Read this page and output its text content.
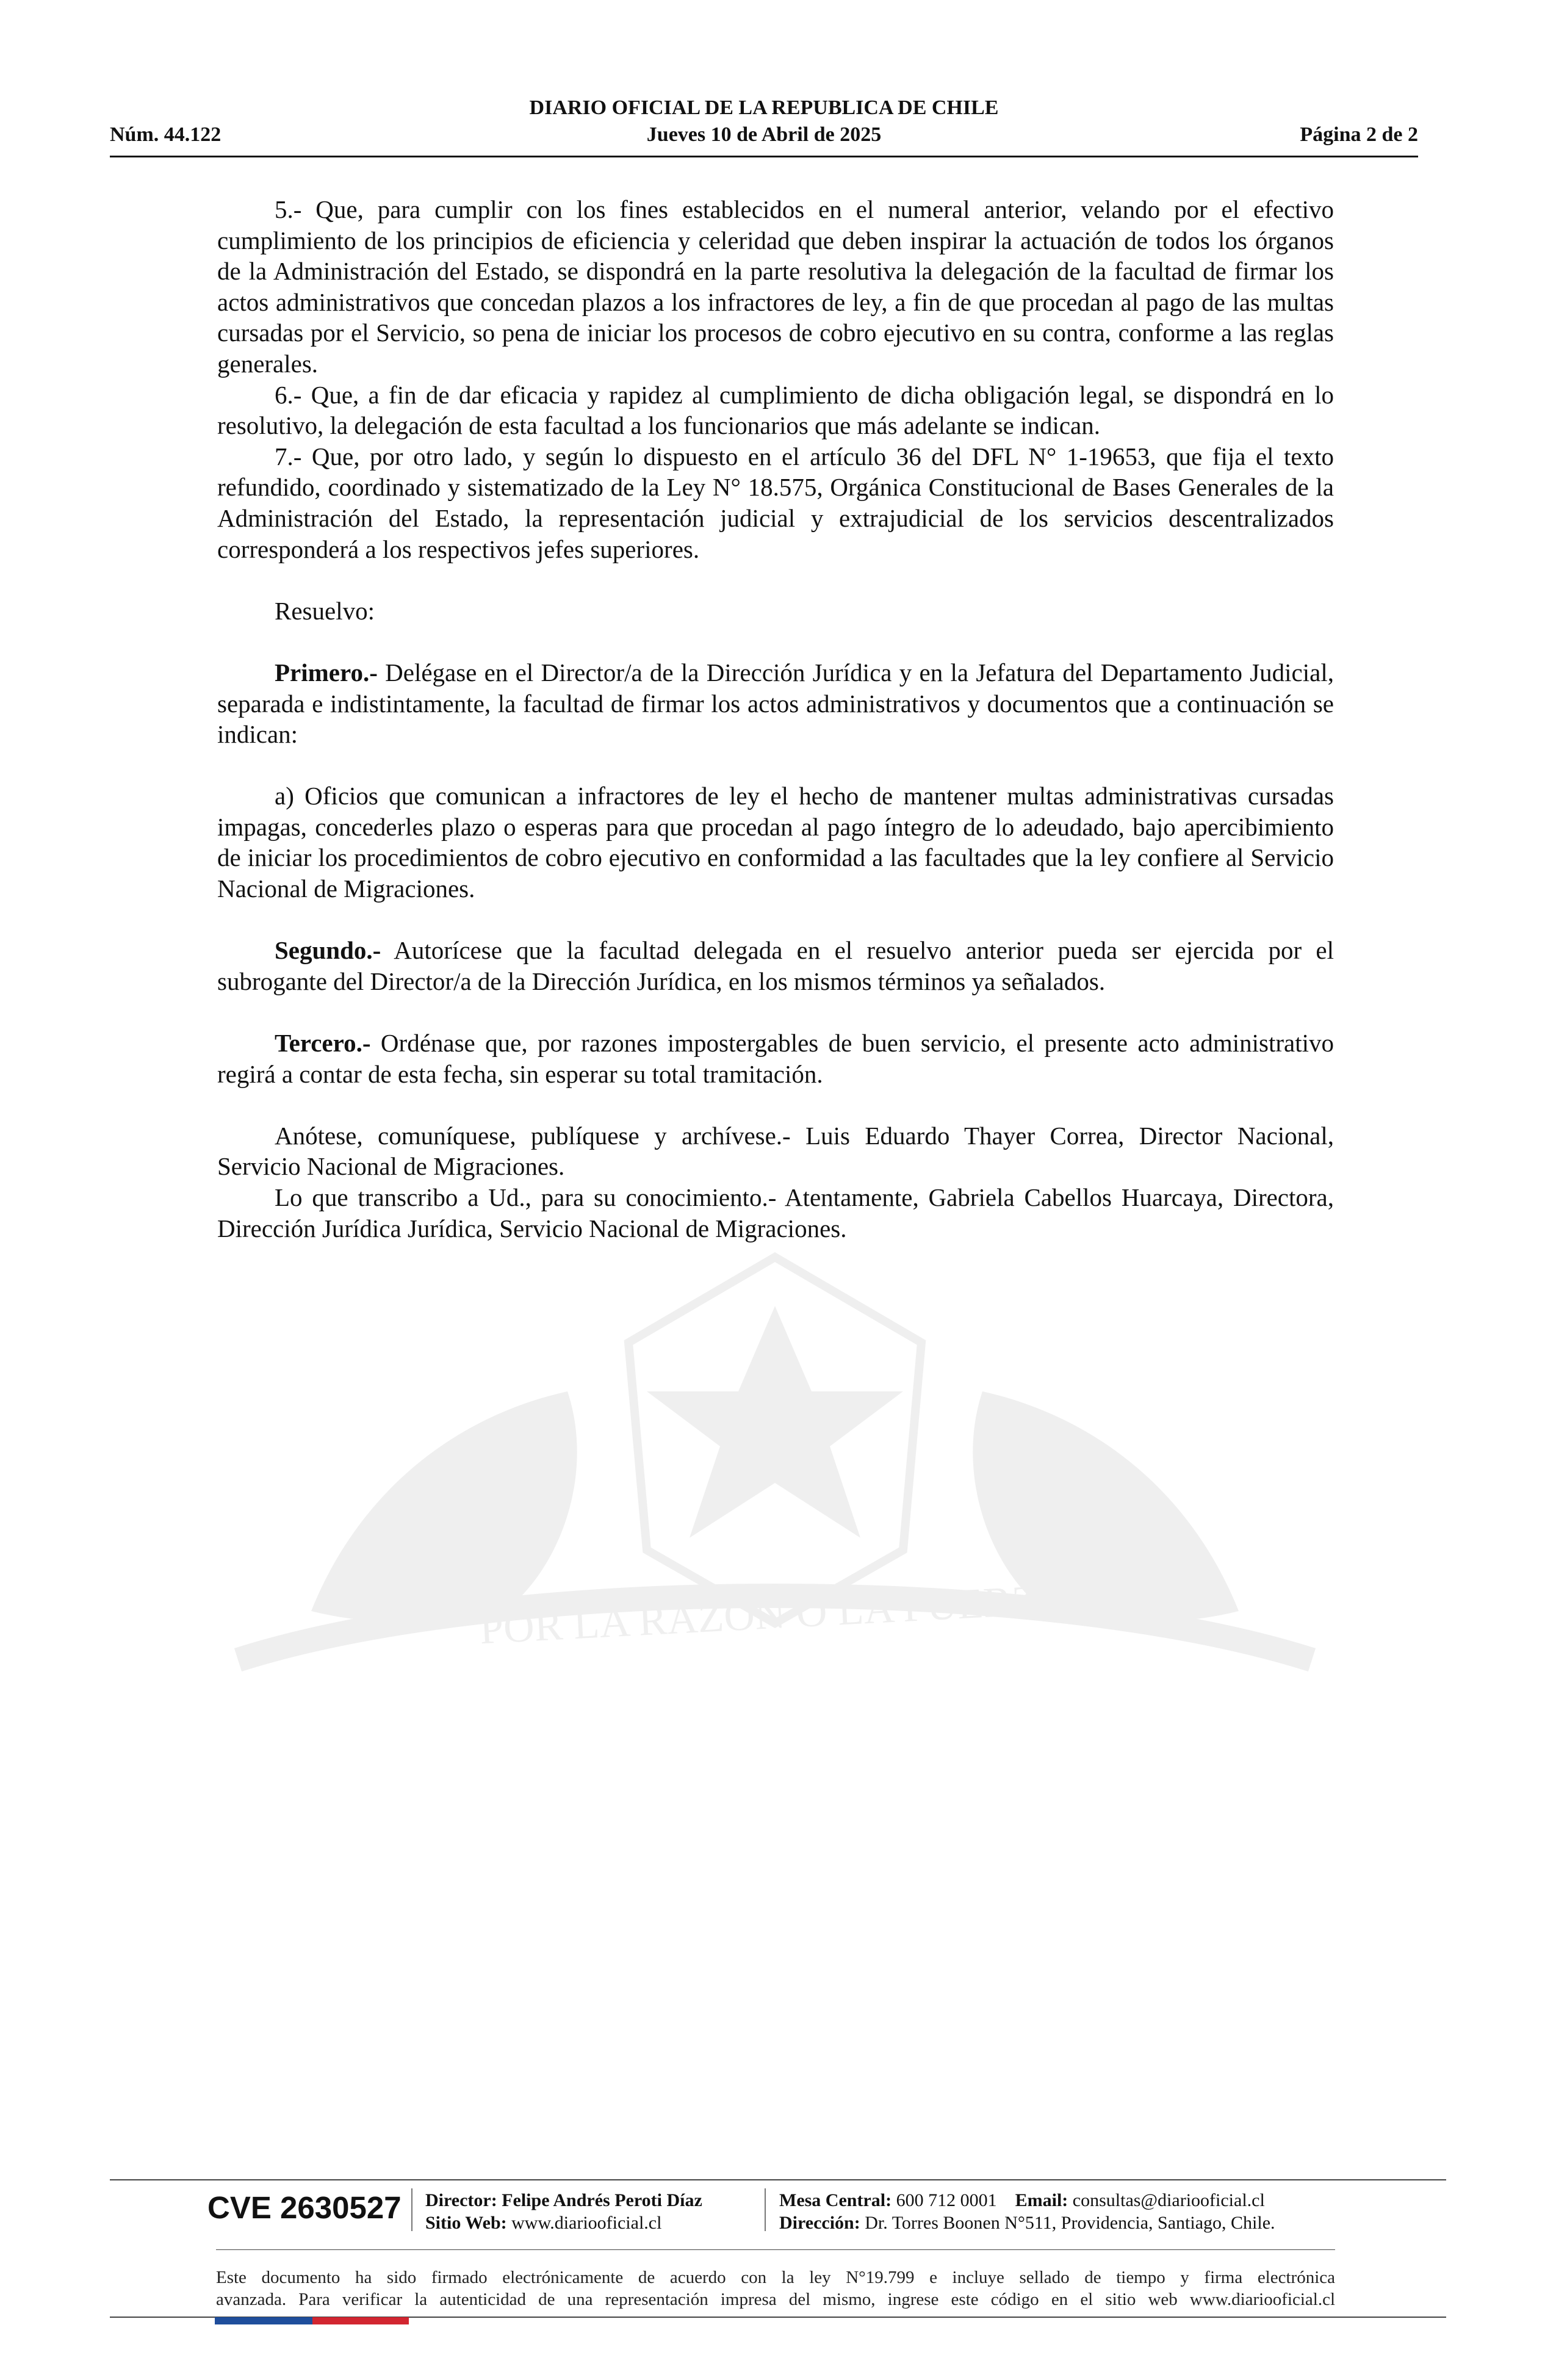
POR LA RAZON O LA FUERZA
DIARIO OFICIAL DE LA REPUBLICA DE CHILE
Núm. 44.122	Jueves 10 de Abril de 2025	Página 2 de 2

5.- Que, para cumplir con los fines establecidos en el numeral anterior, velando por el efectivo cumplimiento de los principios de eficiencia y celeridad que deben inspirar la actuación de todos los órganos de la Administración del Estado, se dispondrá en la parte resolutiva la delegación de la facultad de firmar los actos administrativos que concedan plazos a los infractores de ley, a fin de que procedan al pago de las multas cursadas por el Servicio, so pena de iniciar los procesos de cobro ejecutivo en su contra, conforme a las reglas generales.

6.- Que, a fin de dar eficacia y rapidez al cumplimiento de dicha obligación legal, se dispondrá en lo resolutivo, la delegación de esta facultad a los funcionarios que más adelante se indican.

7.- Que, por otro lado, y según lo dispuesto en el artículo 36 del DFL N° 1-19653, que fija el texto refundido, coordinado y sistematizado de la Ley N° 18.575, Orgánica Constitucional de Bases Generales de la Administración del Estado, la representación judicial y extrajudicial de los servicios descentralizados corresponderá a los respectivos jefes superiores.

Resuelvo:

Primero.- Delégase en el Director/a de la Dirección Jurídica y en la Jefatura del Departamento Judicial, separada e indistintamente, la facultad de firmar los actos administrativos y documentos que a continuación se indican:

a) Oficios que comunican a infractores de ley el hecho de mantener multas administrativas cursadas impagas, concederles plazo o esperas para que procedan al pago íntegro de lo adeudado, bajo apercibimiento de iniciar los procedimientos de cobro ejecutivo en conformidad a las facultades que la ley confiere al Servicio Nacional de Migraciones.

Segundo.- Autorícese que la facultad delegada en el resuelvo anterior pueda ser ejercida por el subrogante del Director/a de la Dirección Jurídica, en los mismos términos ya señalados.

Tercero.- Ordénase que, por razones impostergables de buen servicio, el presente acto administrativo regirá a contar de esta fecha, sin esperar su total tramitación.

Anótese, comuníquese, publíquese y archívese.- Luis Eduardo Thayer Correa, Director Nacional, Servicio Nacional de Migraciones.

Lo que transcribo a Ud., para su conocimiento.- Atentamente, Gabriela Cabellos Huarcaya, Directora, Dirección Jurídica Jurídica, Servicio Nacional de Migraciones.

CVE 2630527 Director: Felipe Andrés Peroti Díaz
Sitio Web: www.diariooficial.cl
Mesa Central: 600 712 0001 Email: consultas@diariooficial.cl
Dirección: Dr. Torres Boonen N°511, Providencia, Santiago, Chile.
Este documento ha sido firmado electrónicamente de acuerdo con la ley N°19.799 e incluye sellado de tiempo y firma electrónica
avanzada. Para verificar la autenticidad de una representación impresa del mismo, ingrese este código en el sitio web www.diariooficial.cl
